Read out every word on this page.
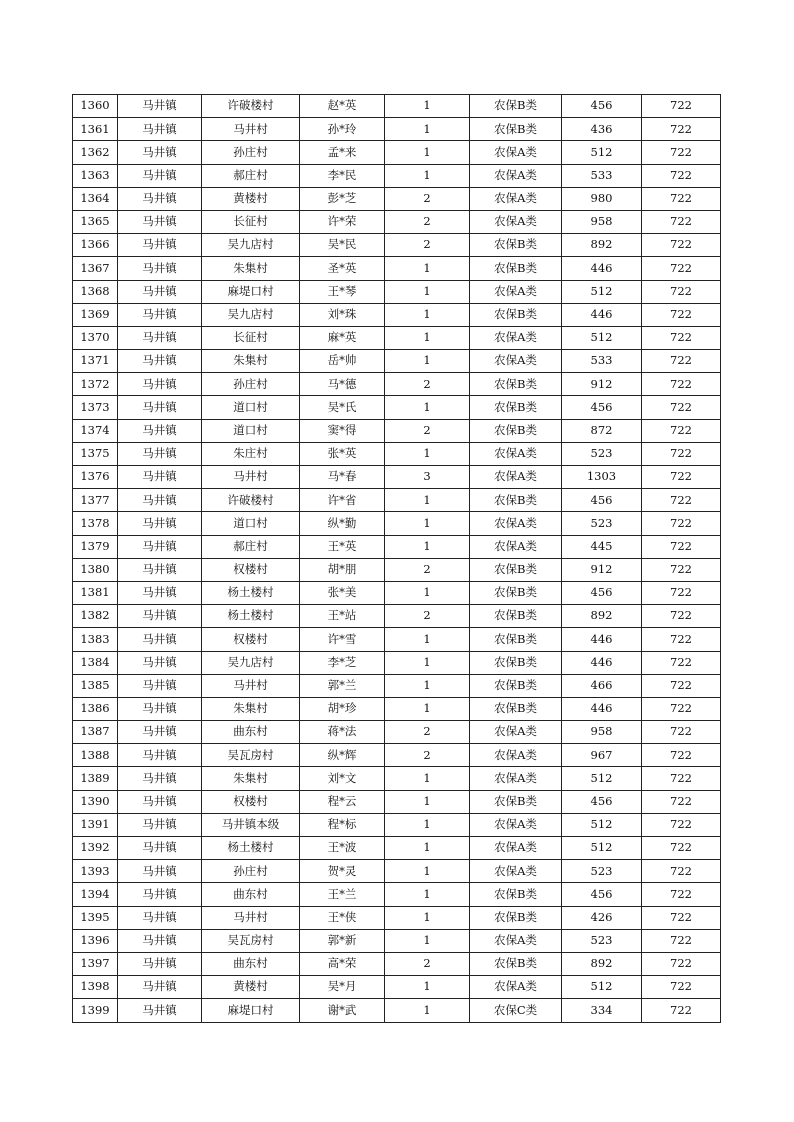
1360	马井镇	许破楼村	赵*英	1	农保B类	456	722
1361	马井镇	马井村	孙*玲	1	农保B类	436	722
1362	马井镇	孙庄村	孟*来	1	农保A类	512	722
1363	马井镇	郝庄村	李*民	1	农保A类	533	722
1364	马井镇	黄楼村	彭*芝	2	农保A类	980	722
1365	马井镇	长征村	许*荣	2	农保A类	958	722
1366	马井镇	吴九店村	吴*民	2	农保B类	892	722
1367	马井镇	朱集村	圣*英	1	农保B类	446	722
1368	马井镇	麻堤口村	王*琴	1	农保A类	512	722
1369	马井镇	吴九店村	刘*珠	1	农保B类	446	722
1370	马井镇	长征村	麻*英	1	农保A类	512	722
1371	马井镇	朱集村	岳*帅	1	农保A类	533	722
1372	马井镇	孙庄村	马*德	2	农保B类	912	722
1373	马井镇	道口村	吴*氏	1	农保B类	456	722
1374	马井镇	道口村	窦*得	2	农保B类	872	722
1375	马井镇	朱庄村	张*英	1	农保A类	523	722
1376	马井镇	马井村	马*春	3	农保A类	1303	722
1377	马井镇	许破楼村	许*省	1	农保B类	456	722
1378	马井镇	道口村	纵*勤	1	农保A类	523	722
1379	马井镇	郝庄村	王*英	1	农保A类	445	722
1380	马井镇	权楼村	胡*朋	2	农保B类	912	722
1381	马井镇	杨土楼村	张*美	1	农保B类	456	722
1382	马井镇	杨土楼村	王*站	2	农保B类	892	722
1383	马井镇	权楼村	许*雪	1	农保B类	446	722
1384	马井镇	吴九店村	李*芝	1	农保B类	446	722
1385	马井镇	马井村	郭*兰	1	农保B类	466	722
1386	马井镇	朱集村	胡*珍	1	农保B类	446	722
1387	马井镇	曲东村	蒋*法	2	农保A类	958	722
1388	马井镇	吴瓦房村	纵*辉	2	农保A类	967	722
1389	马井镇	朱集村	刘*文	1	农保A类	512	722
1390	马井镇	权楼村	程*云	1	农保B类	456	722
1391	马井镇	马井镇本级	程*标	1	农保A类	512	722
1392	马井镇	杨土楼村	王*波	1	农保A类	512	722
1393	马井镇	孙庄村	贺*灵	1	农保A类	523	722
1394	马井镇	曲东村	王*兰	1	农保B类	456	722
1395	马井镇	马井村	王*侠	1	农保B类	426	722
1396	马井镇	吴瓦房村	郭*新	1	农保A类	523	722
1397	马井镇	曲东村	高*荣	2	农保B类	892	722
1398	马井镇	黄楼村	吴*月	1	农保A类	512	722
1399	马井镇	麻堤口村	谢*武	1	农保C类	334	722
